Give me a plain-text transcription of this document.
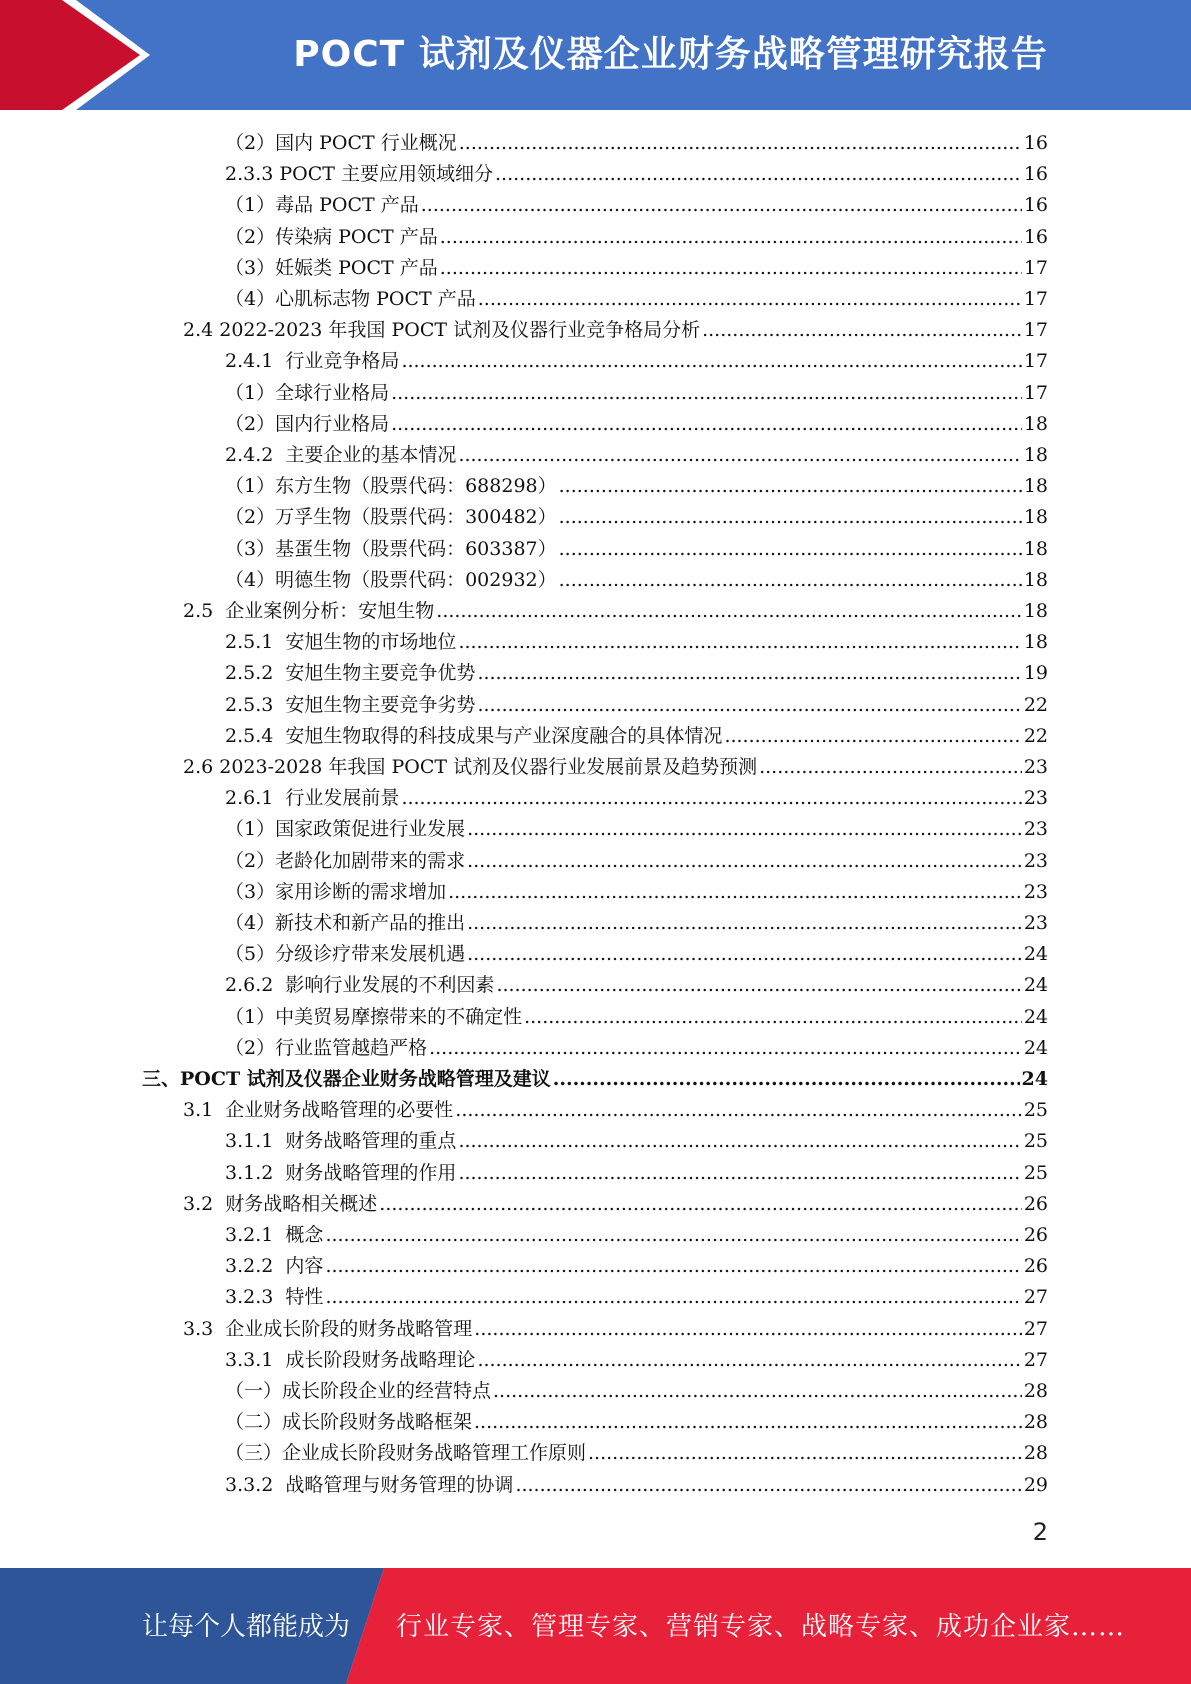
POCT 试剂及仪器企业财务战略管理研究报告
（2）国内 POCT 行业概况 .....	16
2.3.3 POCT 主要应用领域细分 .....	16
（1）毒品 POCT 产品 .....	16
（2）传染病 POCT 产品 .....	16
（3）妊娠类 POCT 产品 .....	17
（4）心肌标志物 POCT 产品 .....	17
2.4 2022-2023 年我国 POCT 试剂及仪器行业竞争格局分析 .....	17
2.4.1  行业竞争格局 .....	17
（1）全球行业格局 .....	17
（2）国内行业格局 .....	18
2.4.2  主要企业的基本情况 .....	18
（1）东方生物（股票代码：688298） .....	18
（2）万孚生物（股票代码：300482） .....	18
（3）基蛋生物（股票代码：603387） .....	18
（4）明德生物（股票代码：002932） .....	18
2.5  企业案例分析：安旭生物 .....	18
2.5.1  安旭生物的市场地位 .....	18
2.5.2  安旭生物主要竞争优势 .....	19
2.5.3  安旭生物主要竞争劣势 .....	22
2.5.4  安旭生物取得的科技成果与产业深度融合的具体情况 .....	22
2.6 2023-2028 年我国 POCT 试剂及仪器行业发展前景及趋势预测 .....	23
2.6.1  行业发展前景 .....	23
（1）国家政策促进行业发展 .....	23
（2）老龄化加剧带来的需求 .....	23
（3）家用诊断的需求增加 .....	23
（4）新技术和新产品的推出 .....	23
（5）分级诊疗带来发展机遇 .....	24
2.6.2  影响行业发展的不利因素 .....	24
（1）中美贸易摩擦带来的不确定性 .....	24
（2）行业监管越趋严格 .....	24
三、POCT 试剂及仪器企业财务战略管理及建议 .....	24
3.1  企业财务战略管理的必要性 .....	25
3.1.1  财务战略管理的重点 .....	25
3.1.2  财务战略管理的作用 .....	25
3.2  财务战略相关概述 .....	26
3.2.1  概念 .....	26
3.2.2  内容 .....	26
3.2.3  特性 .....	27
3.3  企业成长阶段的财务战略管理 .....	27
3.3.1  成长阶段财务战略理论 .....	27
（一）成长阶段企业的经营特点 .....	28
（二）成长阶段财务战略框架 .....	28
（三）企业成长阶段财务战略管理工作原则 .....	28
3.3.2  战略管理与财务管理的协调 .....	29
2
让每个人都能成为 行业专家、管理专家、营销专家、战略专家、成功企业家……
